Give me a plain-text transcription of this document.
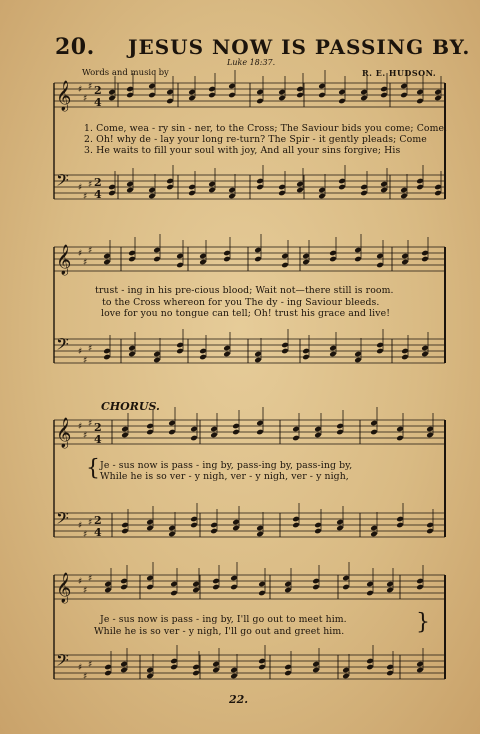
𝄞
𝄢
♯
♯
♯
♯
♯
♯
2
2
4
4
𝄞
𝄢
♯
♯
♯
♯
♯
♯
𝄞
𝄢
♯
♯
♯
♯
♯
♯
2
2
4
4
𝄞
𝄢
♯
♯
♯
♯
♯
♯
20. JESUS NOW IS PASSING BY.
Luke 18:37.
Words and music by	R. E. HUDSON.
1. Come, wea - ry sin - ner, to the Cross; The Saviour bids you come; Come,
2. Oh! why de - lay your long re-turn? The Spir - it gently pleads; Come
3. He waits to fill your soul with joy, And all your sins forgive; His
trust - ing in his pre-cious blood; Wait not—there still is room.
to the Cross whereon for you The dy - ing Saviour bleeds.
love for you no tongue can tell; Oh! trust his grace and live!
CHORUS.
{ Je - sus now is pass - ing by, pass-ing by, pass-ing by,
While he is so ver - y nigh, ver - y nigh, ver - y nigh,
Je - sus now is pass - ing by, I'll go out to meet him.
While he is so ver - y nigh, I'll go out and greet him.	}
22.
